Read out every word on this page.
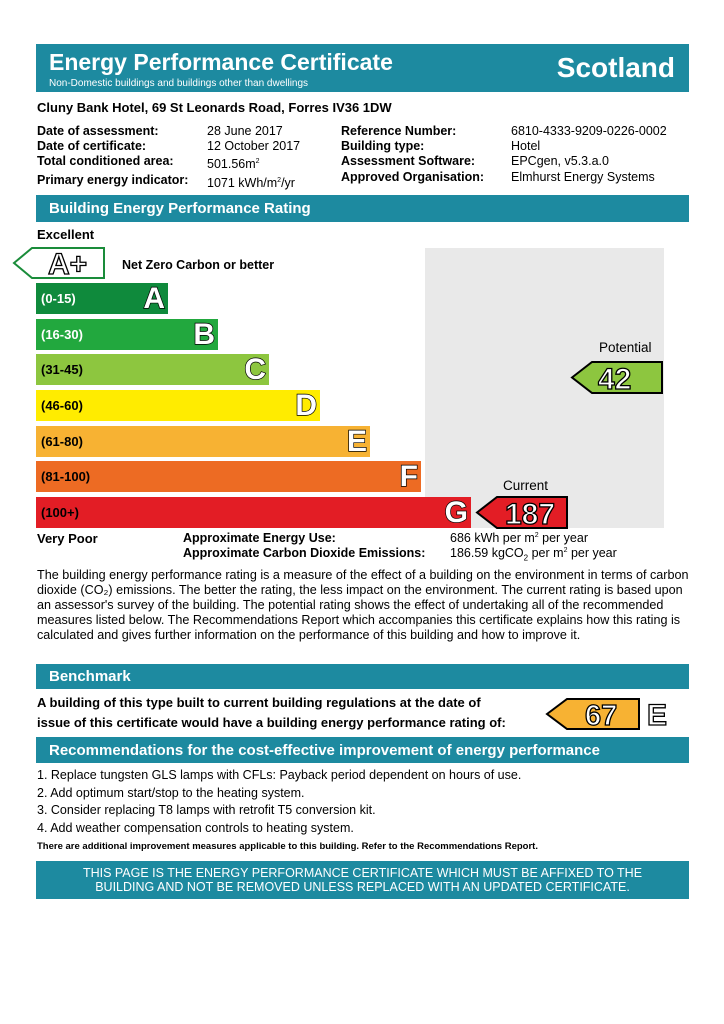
Energy Performance Certificate
Non-Domestic buildings and buildings other than dwellings
Scotland
Cluny Bank Hotel, 69 St Leonards Road, Forres IV36 1DW
Date of assessment:	28 June 2017
Date of certificate:	12 October 2017
Total conditioned area:	$501.56m^2$
Primary energy indicator:	1071 kWh/$m^2/yr$
Reference Number:	6810-4333-9209-0226-0002
Building type:	Hotel
Assessment Software:	EPCgen, v5.3.a.0
Approved Organisation:	Elmhurst Energy Systems
Building Energy Performance Rating
Excellent
A+	Net Zero Carbon or better
(0-15) A
(16-30)	B
(31-45)	C
(46-60)	D
(61-80)	E
(81-100)	F
(100+)	G
Potential
42
Current
187
Very Poor	Approximate Energy Use:	686 kWh per $m^2$ per year
Approximate Carbon Dioxide Emissions: 186.59 kgCO$_2$ per $m^2$ per year
The building energy performance rating is a measure of the effect of a building on the environment in terms of carbon dioxide (CO₂) emissions. The better the rating, the less impact on the environment. The current rating is based upon an assessor's survey of the building. The potential rating shows the effect of undertaking all of the recommended measures listed below. The Recommendations Report which accompanies this certificate explains how this rating is calculated and gives further information on the performance of this building and how to improve it.
Benchmark
A building of this type built to current building regulations at the date of
issue of this certificate would have a building energy performance rating of:	67 E
Recommendations for the cost-effective improvement of energy performance
1. Replace tungsten GLS lamps with CFLs: Payback period dependent on hours of use.
2. Add optimum start/stop to the heating system.
3. Consider replacing T8 lamps with retrofit T5 conversion kit.
4. Add weather compensation controls to heating system.
There are additional improvement measures applicable to this building. Refer to the Recommendations Report.
THIS PAGE IS THE ENERGY PERFORMANCE CERTIFICATE WHICH MUST BE AFFIXED TO THE
BUILDING AND NOT BE REMOVED UNLESS REPLACED WITH AN UPDATED CERTIFICATE.
